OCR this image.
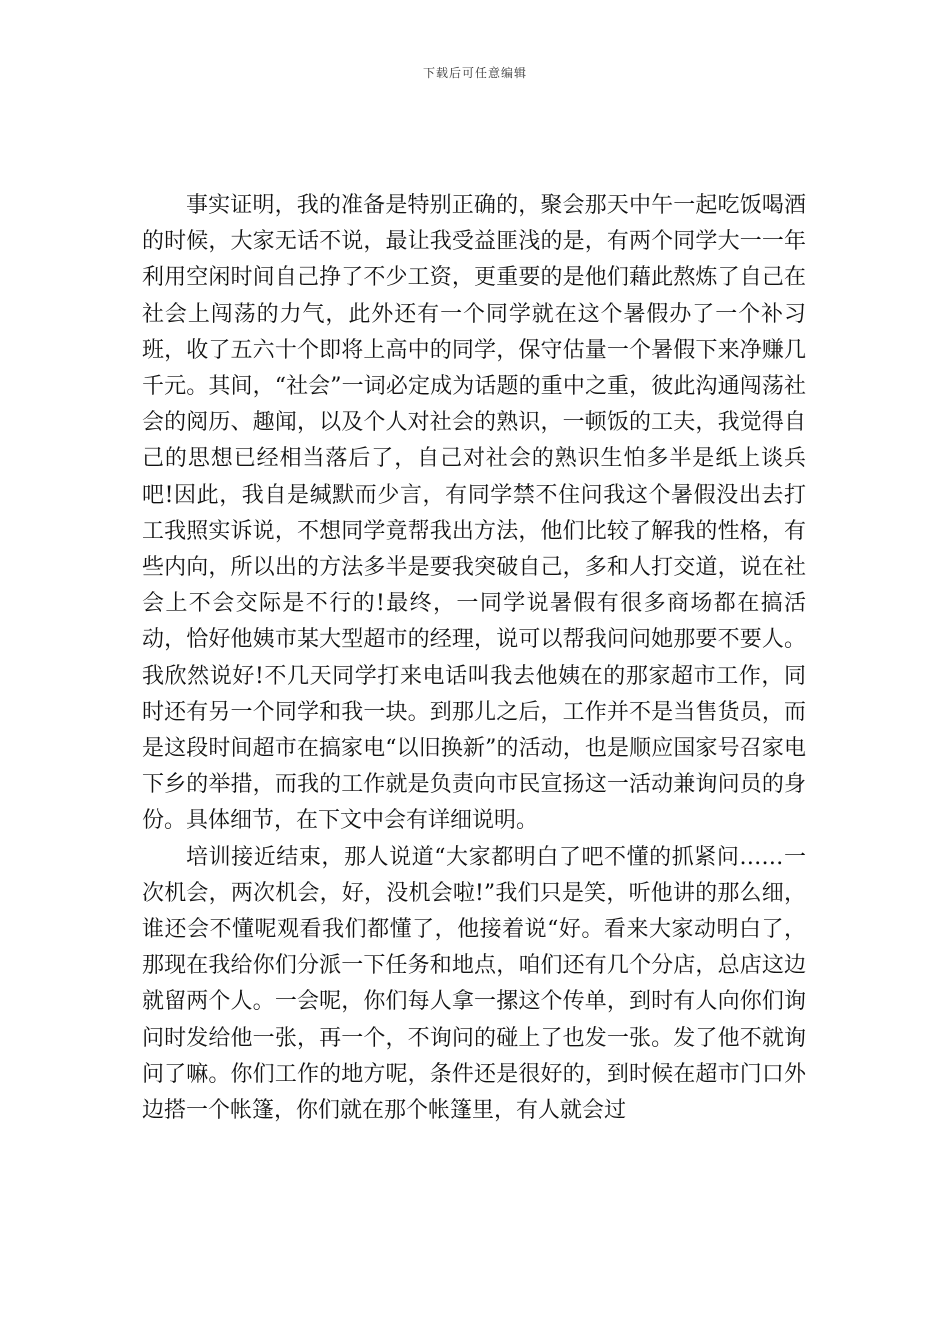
下载后可任意编辑

事实证明，我的准备是特别正确的，聚会那天中午一起吃饭喝酒的时候，大家无话不说，最让我受益匪浅的是，有两个同学大一一年利用空闲时间自己挣了不少工资，更重要的是他们藉此熬炼了自己在社会上闯荡的力气，此外还有一个同学就在这个暑假办了一个补习班，收了五六十个即将上高中的同学，保守估量一个暑假下来净赚几千元。其间，“社会”一词必定成为话题的重中之重，彼此沟通闯荡社会的阅历、趣闻，以及个人对社会的熟识，一顿饭的工夫，我觉得自己的思想已经相当落后了，自己对社会的熟识生怕多半是纸上谈兵吧!因此，我自是缄默而少言，有同学禁不住问我这个暑假没出去打工我照实诉说，不想同学竟帮我出方法，他们比较了解我的性格，有些内向，所以出的方法多半是要我突破自己，多和人打交道，说在社会上不会交际是不行的!最终，一同学说暑假有很多商场都在搞活动，恰好他姨市某大型超市的经理，说可以帮我问问她那要不要人。我欣然说好!不几天同学打来电话叫我去他姨在的那家超市工作，同时还有另一个同学和我一块。到那儿之后，工作并不是当售货员，而是这段时间超市在搞家电“以旧换新”的活动，也是顺应国家号召家电下乡的举措，而我的工作就是负责向市民宣扬这一活动兼询问员的身份。具体细节，在下文中会有详细说明。

培训接近结束，那人说道“大家都明白了吧不懂的抓紧问……一次机会，两次机会，好，没机会啦!”我们只是笑，听他讲的那么细，谁还会不懂呢观看我们都懂了，他接着说“好。看来大家动明白了，那现在我给你们分派一下任务和地点，咱们还有几个分店，总店这边就留两个人。一会呢，你们每人拿一摞这个传单，到时有人向你们询问时发给他一张，再一个，不询问的碰上了也发一张。发了他不就询问了嘛。你们工作的地方呢，条件还是很好的，到时候在超市门口外边搭一个帐篷，你们就在那个帐篷里，有人就会过
